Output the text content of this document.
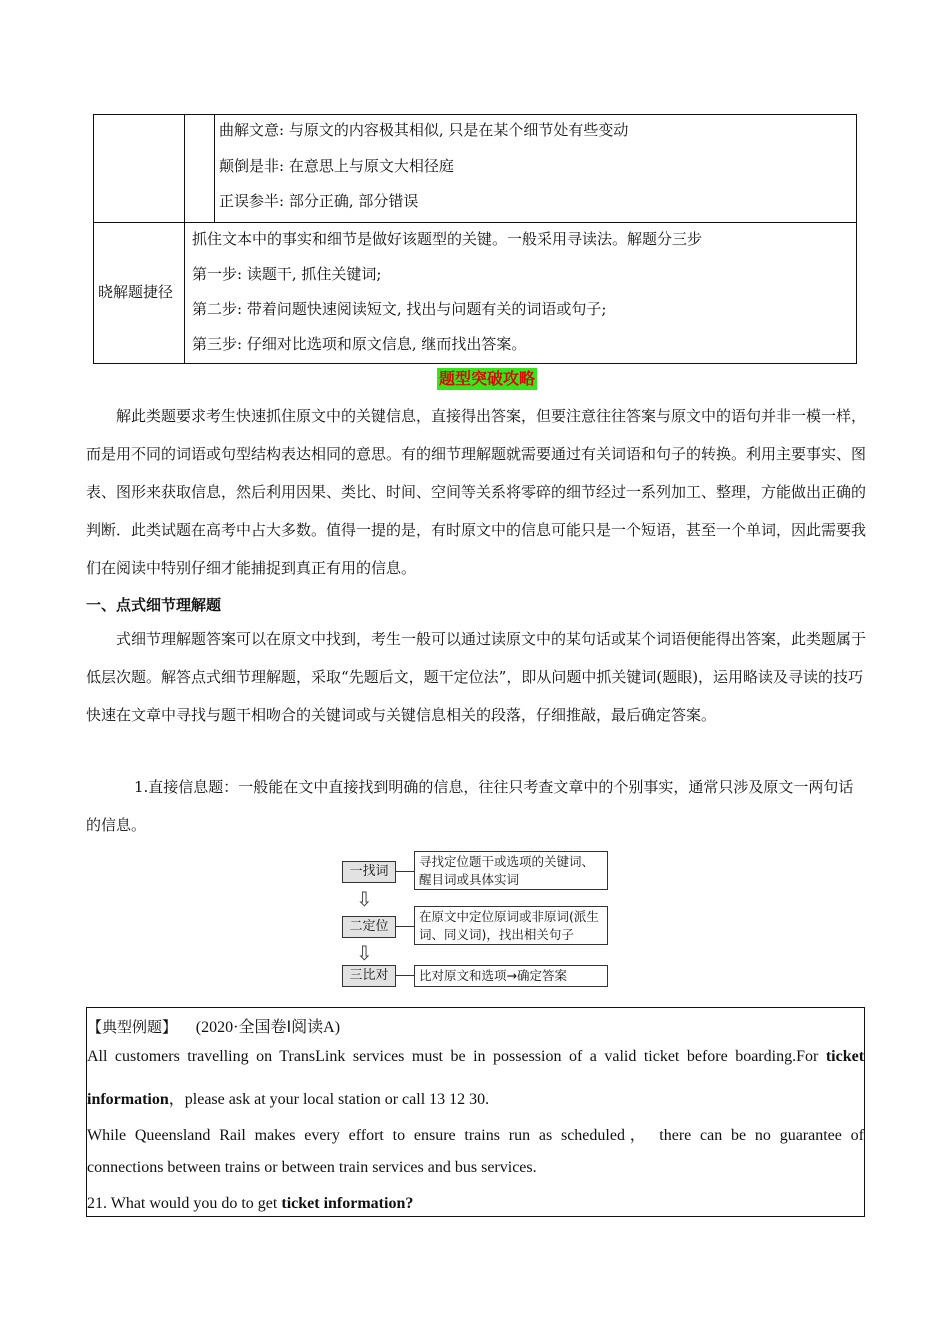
曲解文意: 与原文的内容极其相似, 只是在某个细节处有些变动
颠倒是非: 在意思上与原文大相径庭
正误参半: 部分正确, 部分错误
晓解题捷径
抓住文本中的事实和细节是做好该题型的关键。一般采用寻读法。解题分三步
第一步: 读题干, 抓住关键词;
第二步: 带着问题快速阅读短文, 找出与问题有关的词语或句子;
第三步: 仔细对比选项和原文信息, 继而找出答案。
题型突破攻略

解此类题要求考生快速抓住原文中的关键信息，直接得出答案，但要注意往往答案与原文中的语句并非一模一样，而是用不同的词语或句型结构表达相同的意思。有的细节理解题就需要通过有关词语和句子的转换。利用主要事实、图表、图形来获取信息，然后利用因果、类比、时间、空间等关系将零碎的细节经过一系列加工、整理，方能做出正确的判断．此类试题在高考中占大多数。值得一提的是，有时原文中的信息可能只是一个短语，甚至一个单词，因此需要我们在阅读中特别仔细才能捕捉到真正有用的信息。

一、点式细节理解题

式细节理解题答案可以在原文中找到，考生一般可以通过读原文中的某句话或某个词语便能得出答案，此类题属于低层次题。解答点式细节理解题，采取“先题后文，题干定位法”，即从问题中抓关键词(题眼)，运用略读及寻读的技巧快速在文章中寻找与题干相吻合的关键词或与关键信息相关的段落，仔细推敲，最后确定答案。

1.直接信息题：一般能在文中直接找到明确的信息，往往只考查文章中的个别事实，通常只涉及原文一两句话的信息。

一找词
寻找定位题干或选项的关键词、醒目词或具体实词
⇩
二定位
在原文中定位原词或非原词(派生词、同义词)，找出相关句子
⇩
三比对	比对原文和选项→确定答案
【典型例题】 (2020·全国卷Ⅰ阅读A)
All customers travelling on TransLink services must be in possession of a valid ticket before boarding.For ticket
information，please ask at your local station or call 13 12 30.
While Queensland Rail makes every effort to ensure trains run as scheduled， there can be no guarantee of
connections between trains or between train services and bus services.
21. What would you do to get ticket information?
